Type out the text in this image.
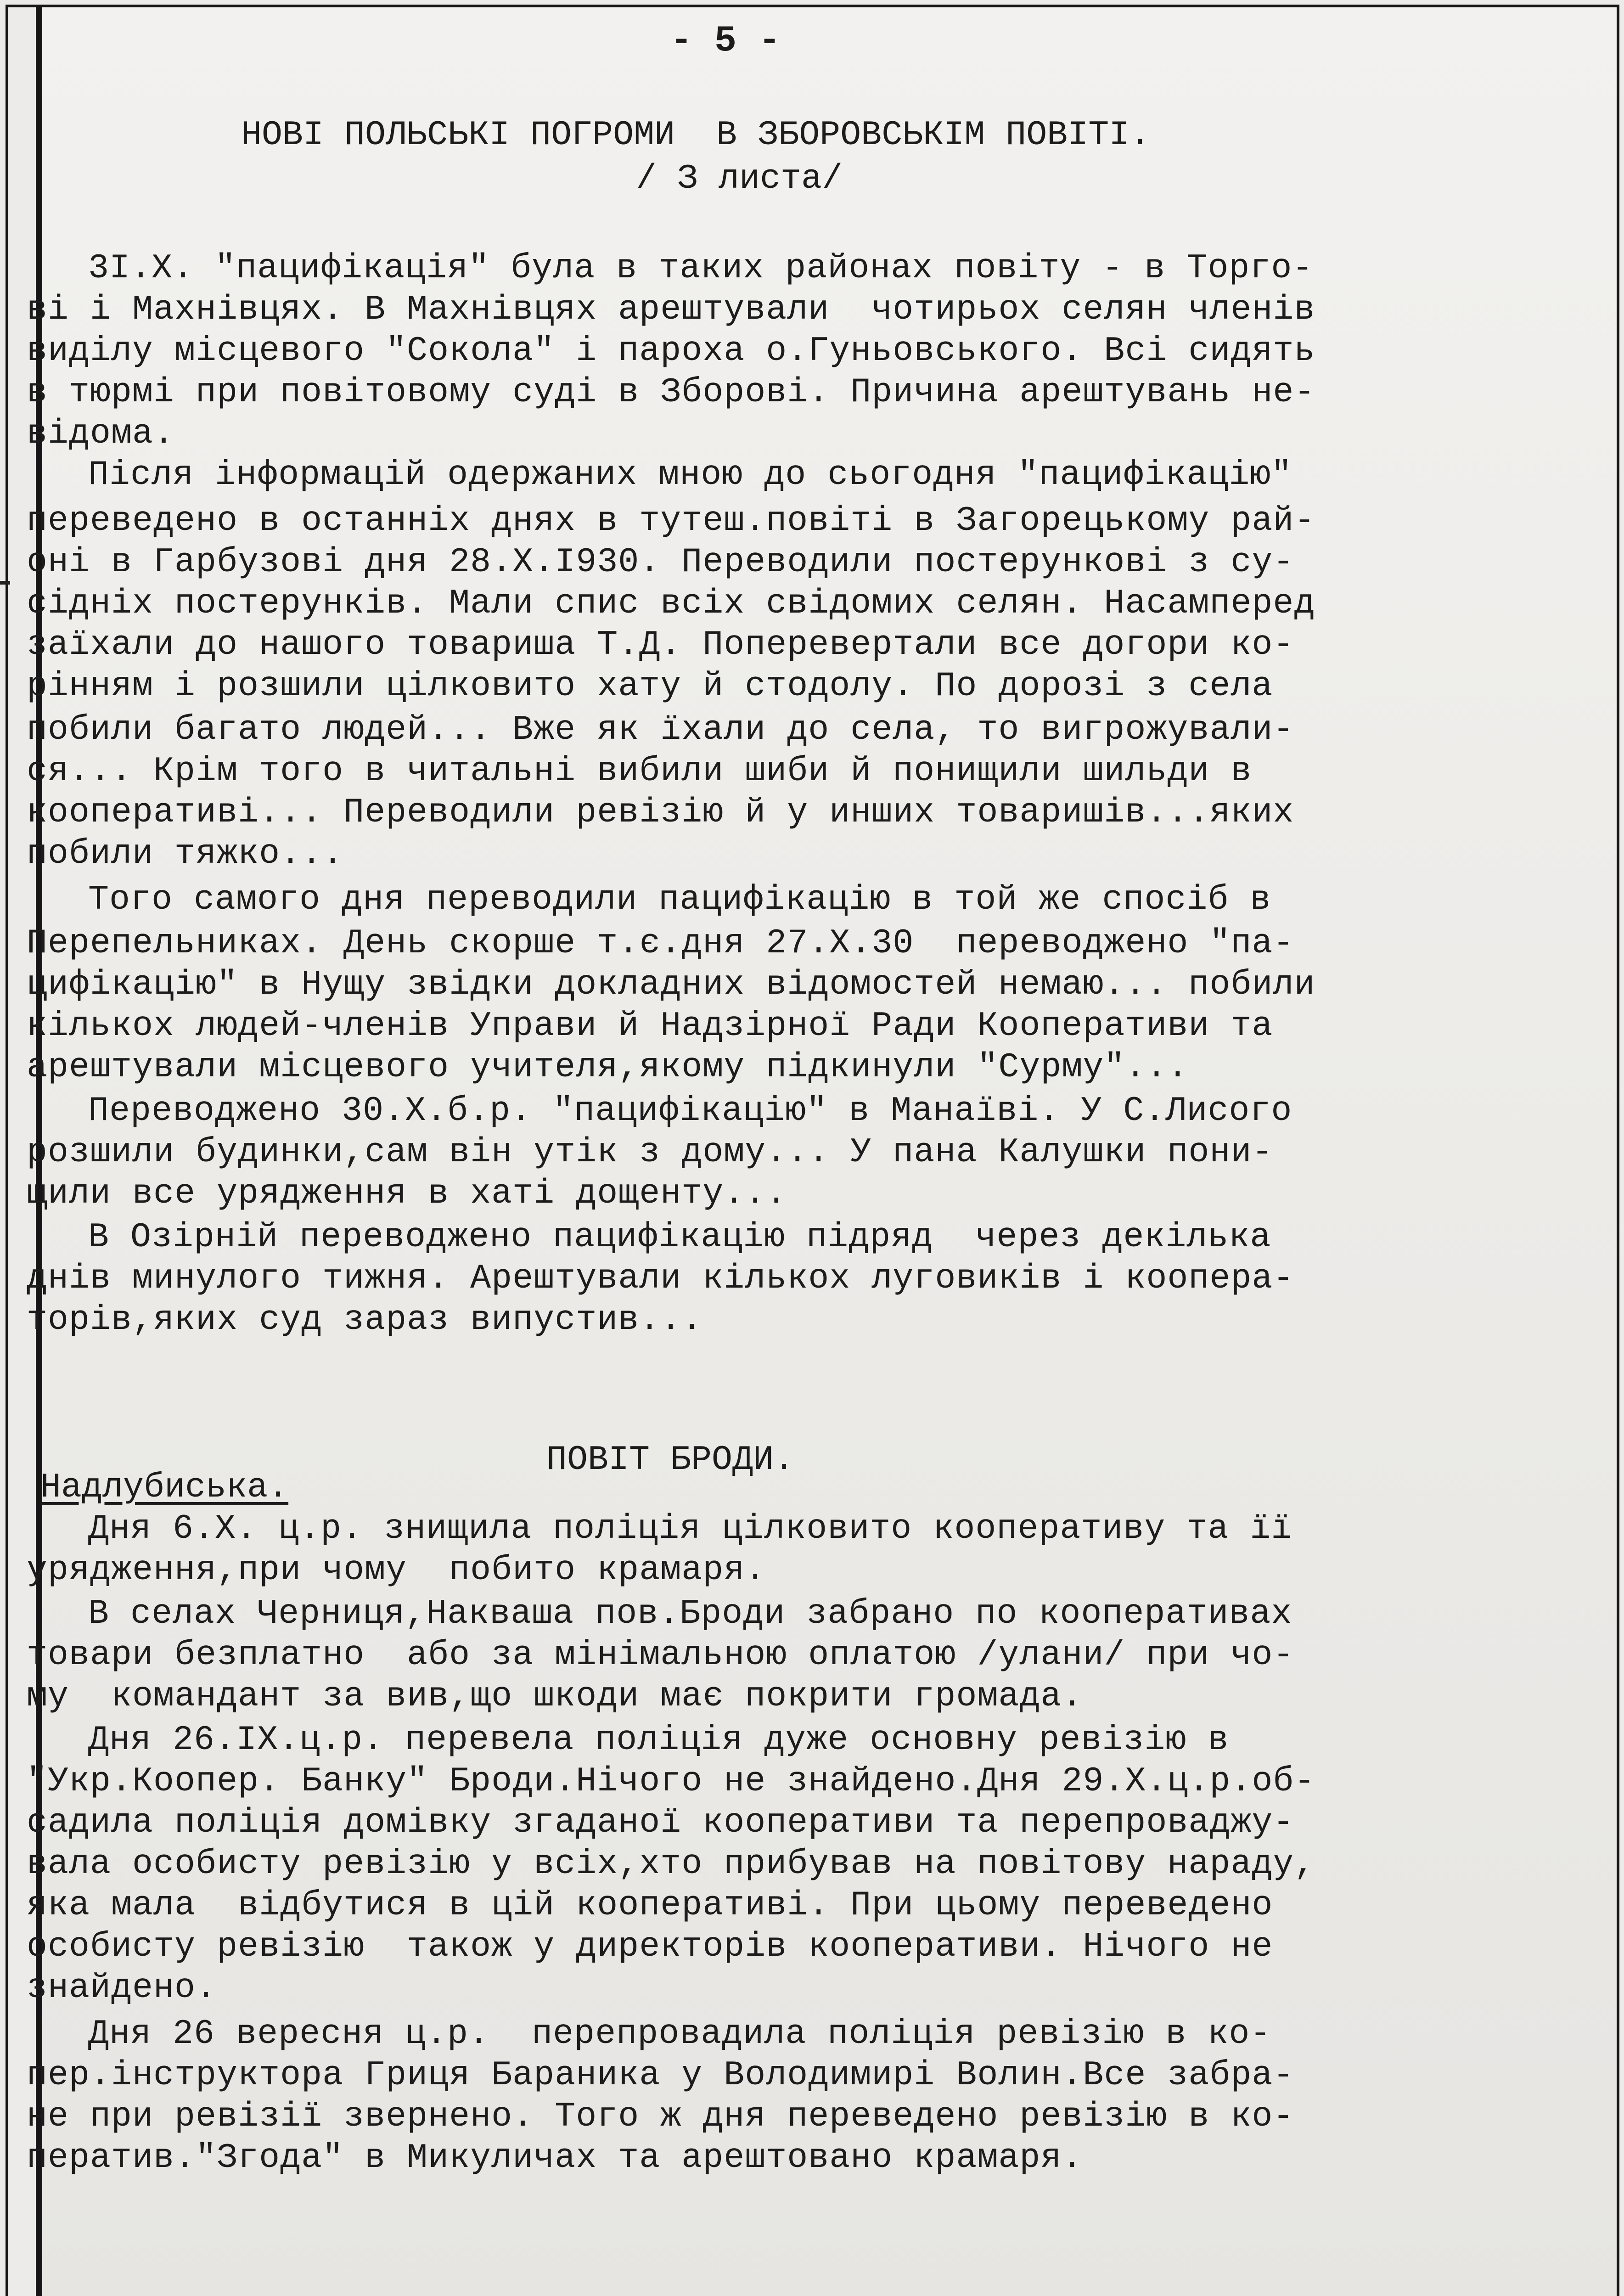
- 5 -
НОВІ ПОЛЬСЬКІ ПОГРОМИ  В ЗБОРОВСЬКІМ ПОВІТІ.
/ З листа/
3I.X. "пацифікація" була в таких районах повіту - в Торго-
ві і Махнівцях. В Махнівцях арештували  чотирьох селян членів
виділу місцевого "Сокола" і пароха о.Гуньовського. Всі сидять
в тюрмі при повітовому суді в Зборові. Причина арештувань не-
відома.
Після інформацій одержаних мною до сьогодня "пацифікацію"
переведено в останніх днях в тутеш.повіті в Загорецькому рай-
оні в Гарбузові дня 28.X.I930. Переводили постерункові з су-
сідніх постерунків. Мали спис всіх свідомих селян. Насамперед
заїхали до нашого товариша Т.Д. Поперевертали все догори ко-
рінням і розшили цілковито хату й стодолу. По дорозі з села
побили багато людей... Вже як їхали до села, то вигрожували-
ся... Крім того в читальні вибили шиби й понищили шильди в
кооперативі... Переводили ревізію й у инших товаришів...яких
побили тяжко...
Того самого дня переводили пацифікацію в той же спосіб в
Перепельниках. День скорше т.є.дня 27.X.30  переводжено "па-
цифікацію" в Нущу звідки докладних відомостей немаю... побили
кількох людей-членів Управи й Надзірної Ради Кооперативи та
арештували місцевого учителя,якому підкинули "Сурму"...
Переводжено 30.X.б.р. "пацифікацію" в Манаїві. У С.Лисого
розшили будинки,сам він утік з дому... У пана Калушки пони-
щили все урядження в хаті дощенту...
В Озірній переводжено пацифікацію підряд  через декілька
днів минулого тижня. Арештували кількох луговиків і коопера-
торів,яких суд зараз випустив...
ПОВІТ БРОДИ.
Надлубиська.
Дня 6.X. ц.р. знищила поліція цілковито кооперативу та її
урядження,при чому  побито крамаря.
В селах Черниця,Накваша пов.Броди забрано по кооперативах
товари безплатно  або за мінімальною оплатою /улани/ при чо-
му  командант за вив,що шкоди має покрити громада.
Дня 26.IX.ц.р. перевела поліція дуже основну ревізію в
"Укр.Коопер. Банку" Броди.Нічого не знайдено.Дня 29.X.ц.р.об-
садила поліція домівку згаданої кооперативи та перепроваджу-
вала особисту ревізію у всіх,хто прибував на повітову нараду,
яка мала  відбутися в цій кооперативі. При цьому переведено
особисту ревізію  також у директорів кооперативи. Нічого не
знайдено.
Дня 26 вересня ц.р.  перепровадила поліція ревізію в ко-
пер.інструктора Гриця Бараника у Володимирі Волин.Все забра-
не при ревізії звернено. Того ж дня переведено ревізію в ко-
ператив."Згода" в Микуличах та арештовано крамаря.
